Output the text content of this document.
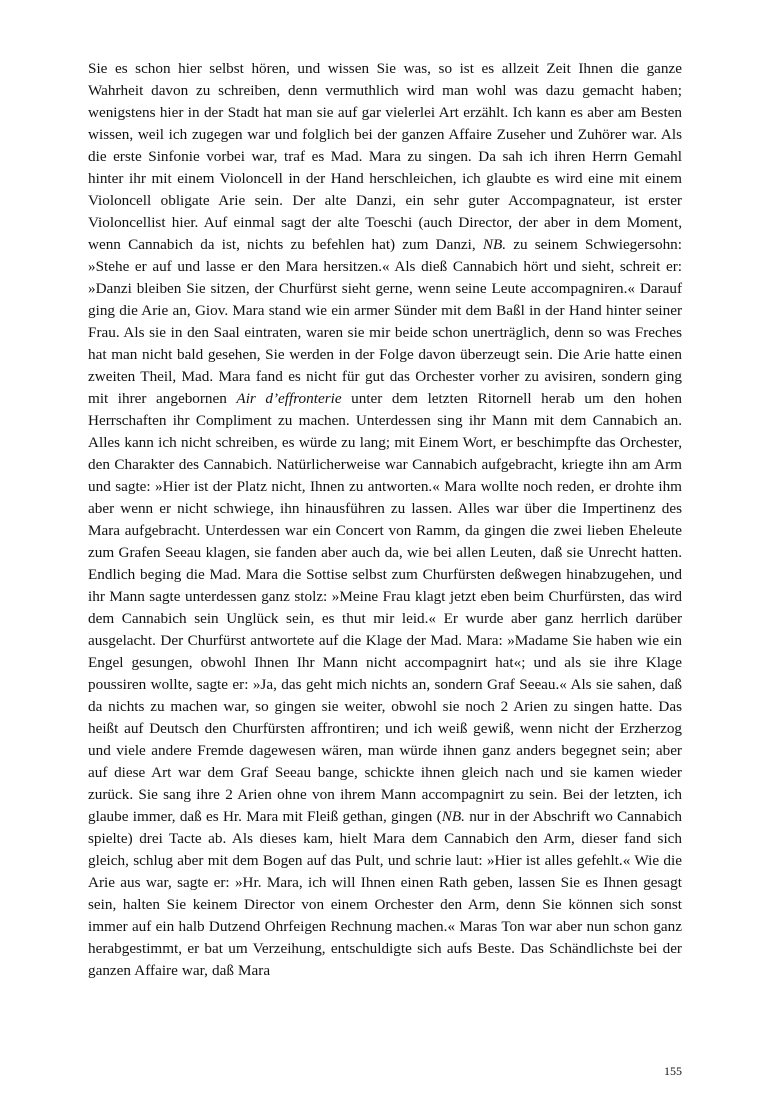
Sie es schon hier selbst hören, und wissen Sie was, so ist es allzeit Zeit Ihnen die ganze Wahrheit davon zu schreiben, denn vermuthlich wird man wohl was dazu gemacht haben; wenigstens hier in der Stadt hat man sie auf gar vielerlei Art erzählt. Ich kann es aber am Besten wissen, weil ich zugegen war und folglich bei der ganzen Affaire Zuseher und Zuhörer war. Als die erste Sinfonie vorbei war, traf es Mad. Mara zu singen. Da sah ich ihren Herrn Gemahl hinter ihr mit einem Violoncell in der Hand herschleichen, ich glaubte es wird eine mit einem Violoncell obligate Arie sein. Der alte Danzi, ein sehr guter Accompagnateur, ist erster Violoncellist hier. Auf einmal sagt der alte Toeschi (auch Director, der aber in dem Moment, wenn Cannabich da ist, nichts zu befehlen hat) zum Danzi, NB. zu seinem Schwiegersohn: »Stehe er auf und lasse er den Mara hersitzen.« Als dieß Cannabich hört und sieht, schreit er: »Danzi bleiben Sie sitzen, der Churfürst sieht gerne, wenn seine Leute accompagniren.« Darauf ging die Arie an, Giov. Mara stand wie ein armer Sünder mit dem Baßl in der Hand hinter seiner Frau. Als sie in den Saal eintraten, waren sie mir beide schon unerträglich, denn so was Freches hat man nicht bald gesehen, Sie werden in der Folge davon überzeugt sein. Die Arie hatte einen zweiten Theil, Mad. Mara fand es nicht für gut das Orchester vorher zu avisiren, sondern ging mit ihrer angebornen Air d’effronterie unter dem letzten Ritornell herab um den hohen Herrschaften ihr Compliment zu machen. Unterdessen sing ihr Mann mit dem Cannabich an. Alles kann ich nicht schreiben, es würde zu lang; mit Einem Wort, er beschimpfte das Orchester, den Charakter des Cannabich. Natürlicherweise war Cannabich aufgebracht, kriegte ihn am Arm und sagte: »Hier ist der Platz nicht, Ihnen zu antworten.« Mara wollte noch reden, er drohte ihm aber wenn er nicht schwiege, ihn hinausführen zu lassen. Alles war über die Impertinenz des Mara aufgebracht. Unterdessen war ein Concert von Ramm, da gingen die zwei lieben Eheleute zum Grafen Seeau klagen, sie fanden aber auch da, wie bei allen Leuten, daß sie Unrecht hatten. Endlich beging die Mad. Mara die Sottise selbst zum Churfürsten deßwegen hinabzugehen, und ihr Mann sagte unterdessen ganz stolz: »Meine Frau klagt jetzt eben beim Churfürsten, das wird dem Cannabich sein Unglück sein, es thut mir leid.« Er wurde aber ganz herrlich darüber ausgelacht. Der Churfürst antwortete auf die Klage der Mad. Mara: »Madame Sie haben wie ein Engel gesungen, obwohl Ihnen Ihr Mann nicht accompagnirt hat«; und als sie ihre Klage poussiren wollte, sagte er: »Ja, das geht mich nichts an, sondern Graf Seeau.« Als sie sahen, daß da nichts zu machen war, so gingen sie weiter, obwohl sie noch 2 Arien zu singen hatte. Das heißt auf Deutsch den Churfürsten affrontiren; und ich weiß gewiß, wenn nicht der Erzherzog und viele andere Fremde dagewesen wären, man würde ihnen ganz anders begegnet sein; aber auf diese Art war dem Graf Seeau bange, schickte ihnen gleich nach und sie kamen wieder zurück. Sie sang ihre 2 Arien ohne von ihrem Mann accompagnirt zu sein. Bei der letzten, ich glaube immer, daß es Hr. Mara mit Fleiß gethan, gingen (NB. nur in der Abschrift wo Cannabich spielte) drei Tacte ab. Als dieses kam, hielt Mara dem Cannabich den Arm, dieser fand sich gleich, schlug aber mit dem Bogen auf das Pult, und schrie laut: »Hier ist alles gefehlt.« Wie die Arie aus war, sagte er: »Hr. Mara, ich will Ihnen einen Rath geben, lassen Sie es Ihnen gesagt sein, halten Sie keinem Director von einem Orchester den Arm, denn Sie können sich sonst immer auf ein halb Dutzend Ohrfeigen Rechnung machen.« Maras Ton war aber nun schon ganz herabgestimmt, er bat um Verzeihung, entschuldigte sich aufs Beste. Das Schändlichste bei der ganzen Affaire war, daß Mara

155
